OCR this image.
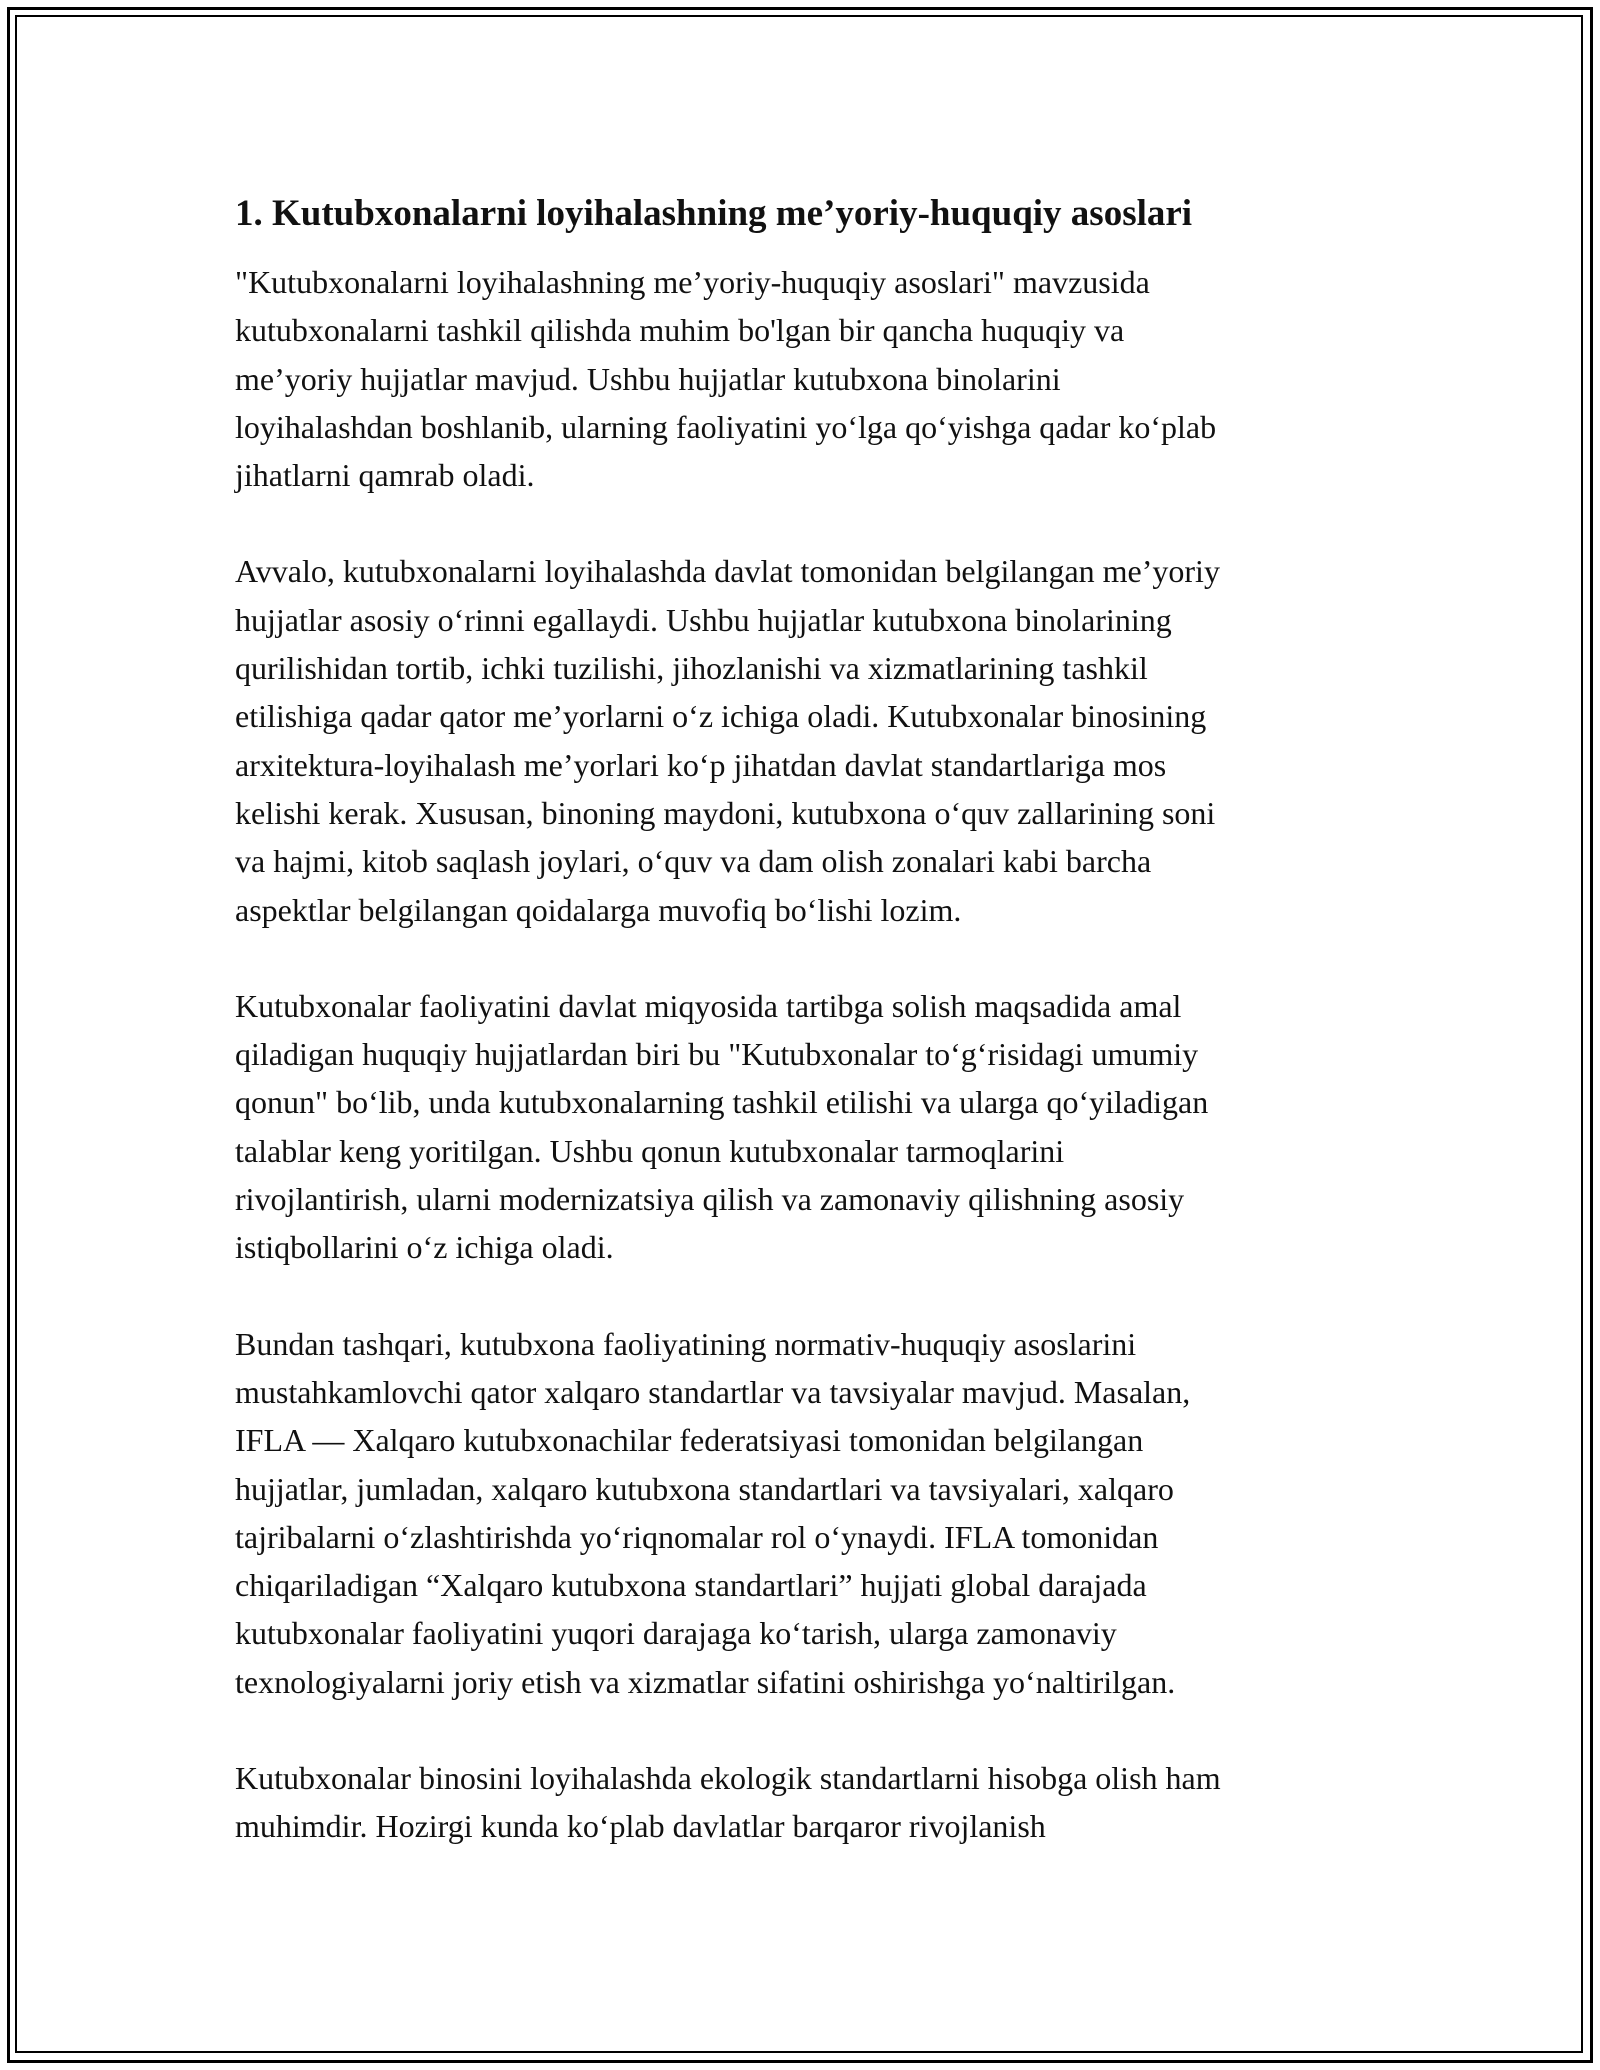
1. Kutubxonalarni loyihalashning me’yoriy-huquqiy asoslari

"Kutubxonalarni loyihalashning me’yoriy-huquqiy asoslari" mavzusida
kutubxonalarni tashkil qilishda muhim bo'lgan bir qancha huquqiy va
me’yoriy hujjatlar mavjud. Ushbu hujjatlar kutubxona binolarini
loyihalashdan boshlanib, ularning faoliyatini yo‘lga qo‘yishga qadar ko‘plab
jihatlarni qamrab oladi.

Avvalo, kutubxonalarni loyihalashda davlat tomonidan belgilangan me’yoriy
hujjatlar asosiy o‘rinni egallaydi. Ushbu hujjatlar kutubxona binolarining
qurilishidan tortib, ichki tuzilishi, jihozlanishi va xizmatlarining tashkil
etilishiga qadar qator me’yorlarni o‘z ichiga oladi. Kutubxonalar binosining
arxitektura-loyihalash me’yorlari ko‘p jihatdan davlat standartlariga mos
kelishi kerak. Xususan, binoning maydoni, kutubxona o‘quv zallarining soni
va hajmi, kitob saqlash joylari, o‘quv va dam olish zonalari kabi barcha
aspektlar belgilangan qoidalarga muvofiq bo‘lishi lozim.

Kutubxonalar faoliyatini davlat miqyosida tartibga solish maqsadida amal
qiladigan huquqiy hujjatlardan biri bu "Kutubxonalar to‘g‘risidagi umumiy
qonun" bo‘lib, unda kutubxonalarning tashkil etilishi va ularga qo‘yiladigan
talablar keng yoritilgan. Ushbu qonun kutubxonalar tarmoqlarini
rivojlantirish, ularni modernizatsiya qilish va zamonaviy qilishning asosiy
istiqbollarini o‘z ichiga oladi.

Bundan tashqari, kutubxona faoliyatining normativ-huquqiy asoslarini
mustahkamlovchi qator xalqaro standartlar va tavsiyalar mavjud. Masalan,
IFLA — Xalqaro kutubxonachilar federatsiyasi tomonidan belgilangan
hujjatlar, jumladan, xalqaro kutubxona standartlari va tavsiyalari, xalqaro
tajribalarni o‘zlashtirishda yo‘riqnomalar rol o‘ynaydi. IFLA tomonidan
chiqariladigan “Xalqaro kutubxona standartlari” hujjati global darajada
kutubxonalar faoliyatini yuqori darajaga ko‘tarish, ularga zamonaviy
texnologiyalarni joriy etish va xizmatlar sifatini oshirishga yo‘naltirilgan.

Kutubxonalar binosini loyihalashda ekologik standartlarni hisobga olish ham
muhimdir. Hozirgi kunda ko‘plab davlatlar barqaror rivojlanish
